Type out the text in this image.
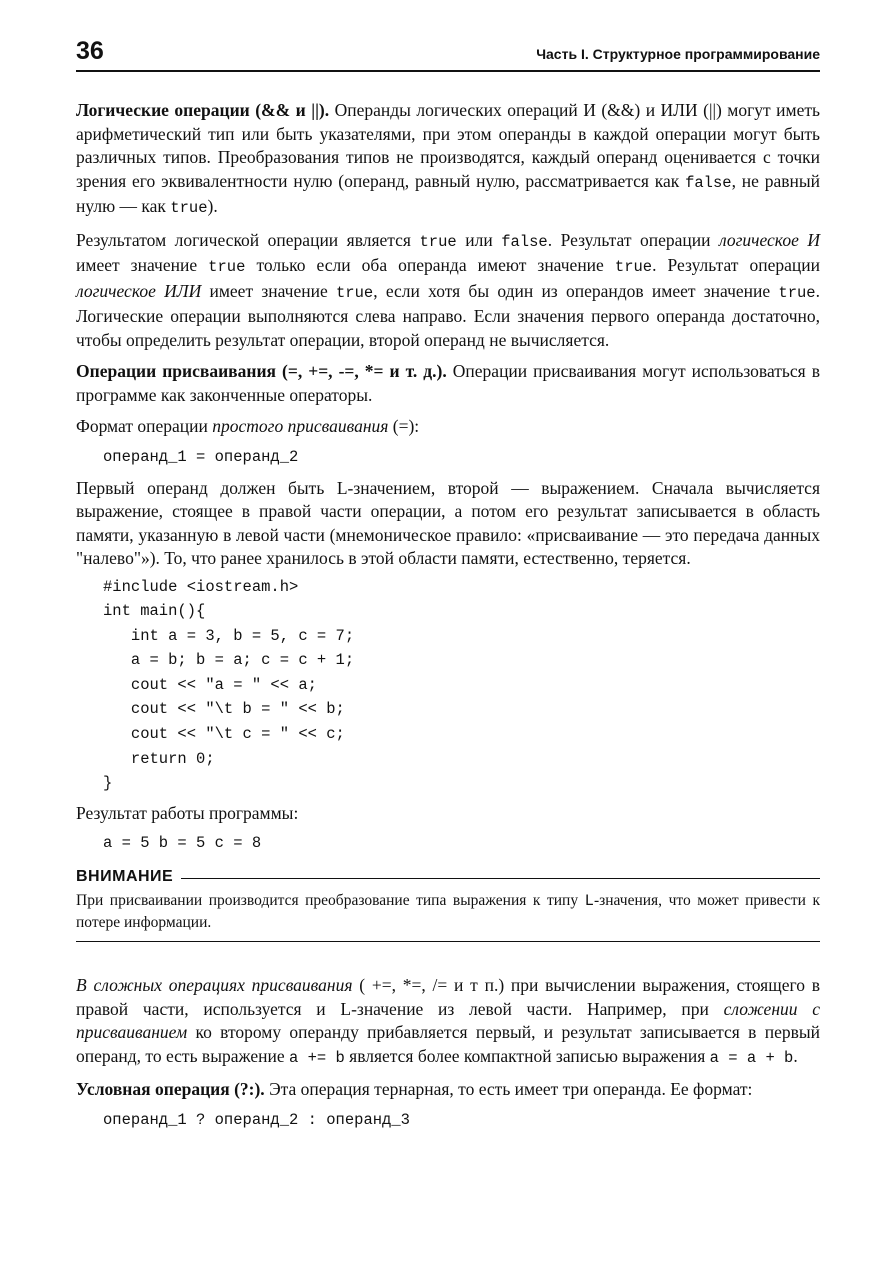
36	Часть I. Структурное программирование

Логические операции (&& и ||). Операнды логических операций И (&&) и ИЛИ (||) могут иметь арифметический тип или быть указателями, при этом операнды в каждой операции могут быть различных типов. Преобразования типов не производятся, каждый операнд оценивается с точки зрения его эквивалентности нулю (операнд, равный нулю, рассматривается как false, не равный нулю — как true).

Результатом логической операции является true или false. Результат операции логическое И имеет значение true только если оба операнда имеют значение true. Результат операции логическое ИЛИ имеет значение true, если хотя бы один из операндов имеет значение true. Логические операции выполняются слева направо. Если значения первого операнда достаточно, чтобы определить результат операции, второй операнд не вычисляется.

Операции присваивания (=, +=, -=, *= и т. д.). Операции присваивания могут использоваться в программе как законченные операторы.

Формат операции простого присваивания (=):

операнд_1 = операнд_2

Первый операнд должен быть L-значением, второй — выражением. Сначала вычисляется выражение, стоящее в правой части операции, а потом его результат записывается в область памяти, указанную в левой части (мнемоническое правило: «присваивание — это передача данных "налево"»). То, что ранее хранилось в этой области памяти, естественно, теряется.

#include <iostream.h>
int main(){
int a = 3, b = 5, c = 7;
a = b; b = a; c = c + 1;
cout << "a = " << a;
cout << "\t b = " << b;
cout << "\t c = " << c;
return 0;
}

Результат работы программы:

a = 5 b = 5 c = 8
ВНИМАНИЕ
При присваивании производится преобразование типа выражения к типу L-значения, что может привести к потере информации.

В сложных операциях присваивания ( +=, *=, /= и т п.) при вычислении выражения, стоящего в правой части, используется и L-значение из левой части. Например, при сложении с присваиванием ко второму операнду прибавляется первый, и результат записывается в первый операнд, то есть выражение a += b является более компактной записью выражения a = a + b.

Условная операция (?:). Эта операция тернарная, то есть имеет три операнда. Ее формат:

операнд_1 ? операнд_2 : операнд_3
